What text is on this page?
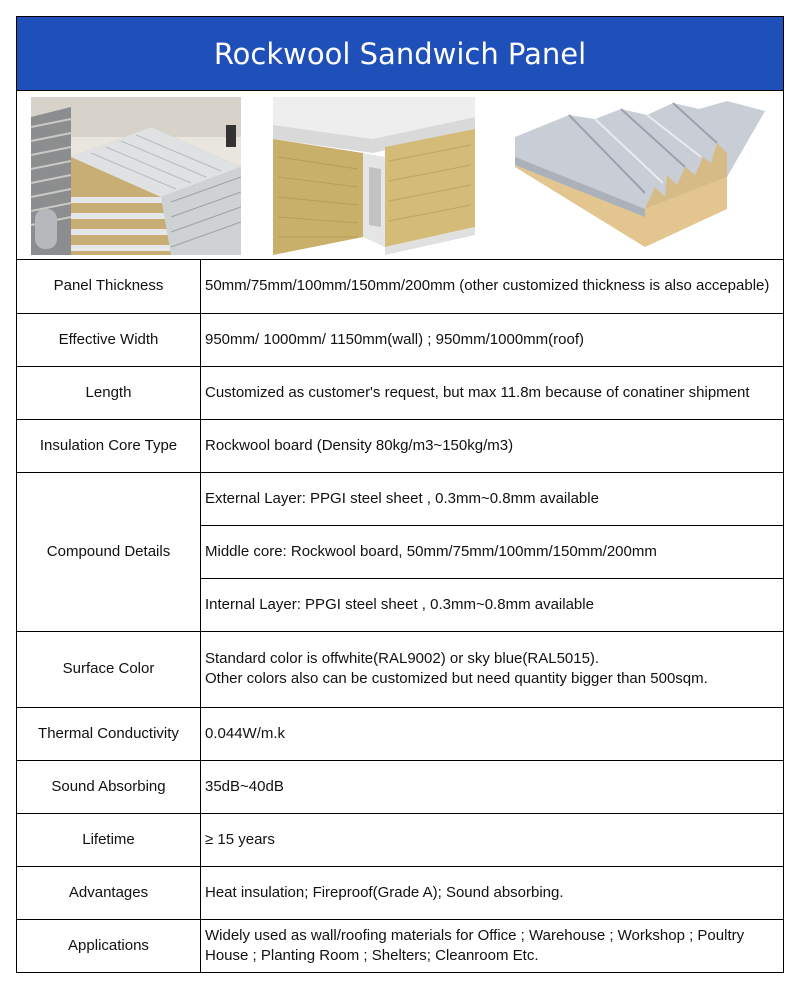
Rockwool Sandwich Panel
Panel Thickness	50mm/75mm/100mm/150mm/200mm (other customized thickness is also accepable)
Effective Width	950mm/ 1000mm/ 1150mm(wall) ; 950mm/1000mm(roof)
Length	Customized as customer's request, but max 11.8m because of conatiner shipment
Insulation Core Type	Rockwool board (Density 80kg/m3~150kg/m3)
Compound Details	External Layer: PPGI steel sheet , 0.3mm~0.8mm available
Middle core: Rockwool board, 50mm/75mm/100mm/150mm/200mm
Internal Layer: PPGI steel sheet , 0.3mm~0.8mm available

Surface Color	Standard color is offwhite(RAL9002) or sky blue(RAL5015).
Other colors also can be customized but need quantity bigger than 500sqm.

Thermal Conductivity	0.044W/m.k
Sound Absorbing	35dB~40dB
Lifetime	≥ 15 years
Advantages	Heat insulation; Fireproof(Grade A); Sound absorbing.
Applications	Widely used as wall/roofing materials for Office ; Warehouse ; Workshop ; Poultry House ; Planting Room ; Shelters; Cleanroom Etc.
